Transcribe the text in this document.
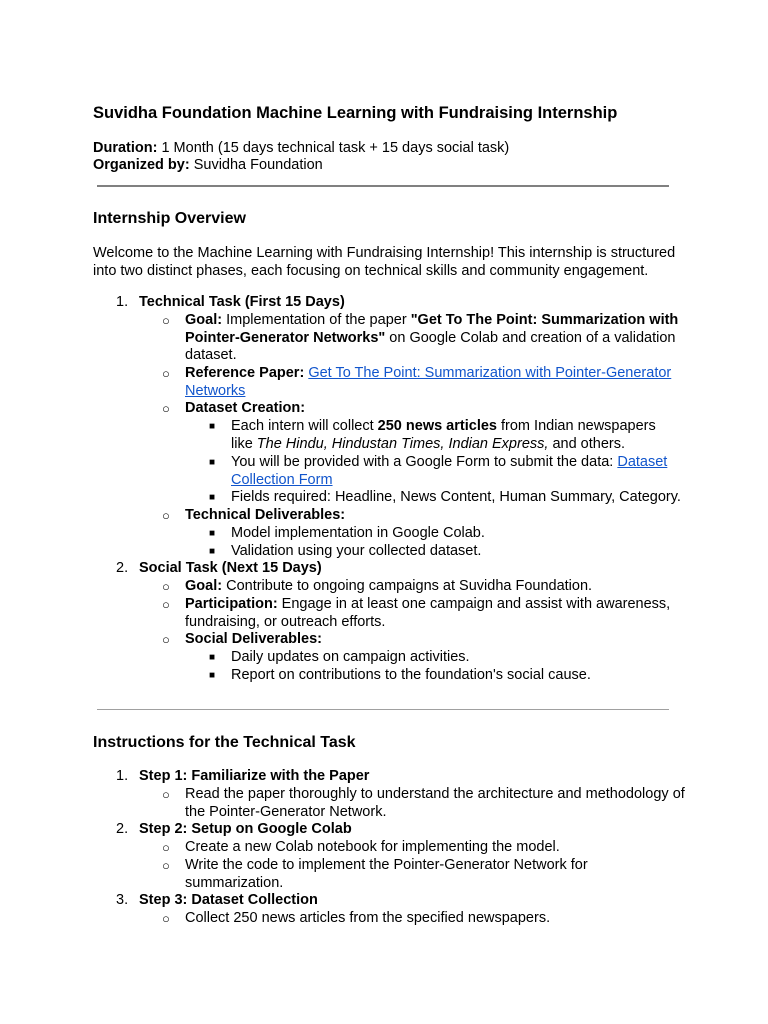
Suvidha Foundation Machine Learning with Fundraising Internship
Duration: 1 Month (15 days technical task + 15 days social task)
Organized by: Suvidha Foundation
Internship Overview
Welcome to the Machine Learning with Fundraising Internship! This internship is structured into two distinct phases, each focusing on technical skills and community engagement.
1. Technical Task (First 15 Days)
○ Goal: Implementation of the paper "Get To The Point: Summarization with Pointer-Generator Networks" on Google Colab and creation of a validation dataset.
○ Reference Paper: Get To The Point: Summarization with Pointer-Generator Networks
○ Dataset Creation:
■ Each intern will collect 250 news articles from Indian newspapers like The Hindu, Hindustan Times, Indian Express, and others.
■ You will be provided with a Google Form to submit the data: Dataset Collection Form
■ Fields required: Headline, News Content, Human Summary, Category.
○ Technical Deliverables:
■ Model implementation in Google Colab.
■ Validation using your collected dataset.
2. Social Task (Next 15 Days)
○ Goal: Contribute to ongoing campaigns at Suvidha Foundation.
○ Participation: Engage in at least one campaign and assist with awareness, fundraising, or outreach efforts.
○ Social Deliverables:
■ Daily updates on campaign activities.
■ Report on contributions to the foundation's social cause.
Instructions for the Technical Task
1. Step 1: Familiarize with the Paper
○ Read the paper thoroughly to understand the architecture and methodology of the Pointer-Generator Network.
2. Step 2: Setup on Google Colab
○ Create a new Colab notebook for implementing the model.
○ Write the code to implement the Pointer-Generator Network for summarization.
3. Step 3: Dataset Collection
○ Collect 250 news articles from the specified newspapers.
